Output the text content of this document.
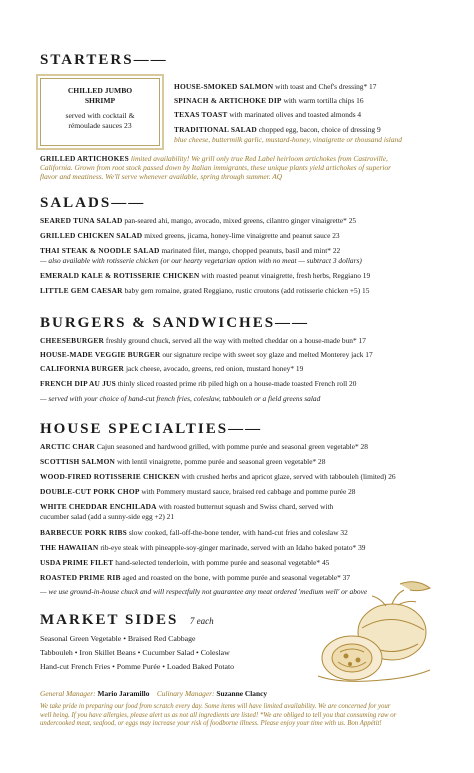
STARTERS——
CHILLED JUMBO
SHRIMP
served with cocktail &
rémoulade sauces 23
HOUSE-SMOKED SALMON with toast and Chef's dressing* 17
SPINACH & ARTICHOKE DIP with warm tortilla chips 16
TEXAS TOAST with marinated olives and toasted almonds 4
TRADITIONAL SALAD chopped egg, bacon, choice of dressing 9
blue cheese, buttermilk garlic, mustard-honey, vinaigrette or thousand island
GRILLED ARTICHOKES limited availability! We grill only true Red Label heirloom artichokes from Castroville,
California. Grown from root stock passed down by Italian immigrants, these unique plants yield artichokes of superior
flavor and meatiness. We'll serve whenever available, spring through summer. AQ
SALADS——
SEARED TUNA SALAD pan-seared ahi, mango, avocado, mixed greens, cilantro ginger vinaigrette* 25
GRILLED CHICKEN SALAD mixed greens, jicama, honey-lime vinaigrette and peanut sauce 23
THAI STEAK & NOODLE SALAD marinated filet, mango, chopped peanuts, basil and mint* 22
— also available with rotisserie chicken (or our hearty vegetarian option with no meat — subtract 3 dollars)
EMERALD KALE & ROTISSERIE CHICKEN with roasted peanut vinaigrette, fresh herbs, Reggiano 19
LITTLE GEM CAESAR baby gem romaine, grated Reggiano, rustic croutons (add rotisserie chicken +5) 15
BURGERS & SANDWICHES——
CHEESEBURGER freshly ground chuck, served all the way with melted cheddar on a house-made bun* 17
HOUSE-MADE VEGGIE BURGER our signature recipe with sweet soy glaze and melted Monterey jack 17
CALIFORNIA BURGER jack cheese, avocado, greens, red onion, mustard honey* 19
FRENCH DIP AU JUS thinly sliced roasted prime rib piled high on a house-made toasted French roll 20
— served with your choice of hand-cut french fries, coleslaw, tabbouleh or a field greens salad
HOUSE SPECIALTIES——
ARCTIC CHAR Cajun seasoned and hardwood grilled, with pomme purée and seasonal green vegetable* 28
SCOTTISH SALMON with lentil vinaigrette, pomme purée and seasonal green vegetable* 28
WOOD-FIRED ROTISSERIE CHICKEN with crushed herbs and apricot glaze, served with tabbouleh (limited) 26
DOUBLE-CUT PORK CHOP with Pommery mustard sauce, braised red cabbage and pomme purée 28
WHITE CHEDDAR ENCHILADA with roasted butternut squash and Swiss chard, served with
cucumber salad (add a sunny-side egg +2) 21
BARBECUE PORK RIBS slow cooked, fall-off-the-bone tender, with hand-cut fries and coleslaw 32
THE HAWAIIAN rib-eye steak with pineapple-soy-ginger marinade, served with an Idaho baked potato* 39
USDA PRIME FILET hand-selected tenderloin, with pomme purée and seasonal vegetable* 45
ROASTED PRIME RIB aged and roasted on the bone, with pomme purée and seasonal vegetable* 37
— we use ground-in-house chuck and will respectfully not guarantee any meat ordered 'medium well' or above
MARKET SIDES 7 each
Seasonal Green Vegetable • Braised Red Cabbage
Tabbouleh • Iron Skillet Beans • Cucumber Salad • Coleslaw
Hand-cut French Fries • Pomme Purée • Loaded Baked Potato
General Manager: Mario Jaramillo Culinary Manager: Suzanne Clancy
We take pride in preparing our food from scratch every day. Some items will have limited availability. We are concerned for your
well being. If you have allergies, please alert us as not all ingredients are listed! *We are obliged to tell you that consuming raw or
undercooked meat, seafood, or eggs may increase your risk of foodborne illness. Please enjoy your time with us. Bon Appétit!
